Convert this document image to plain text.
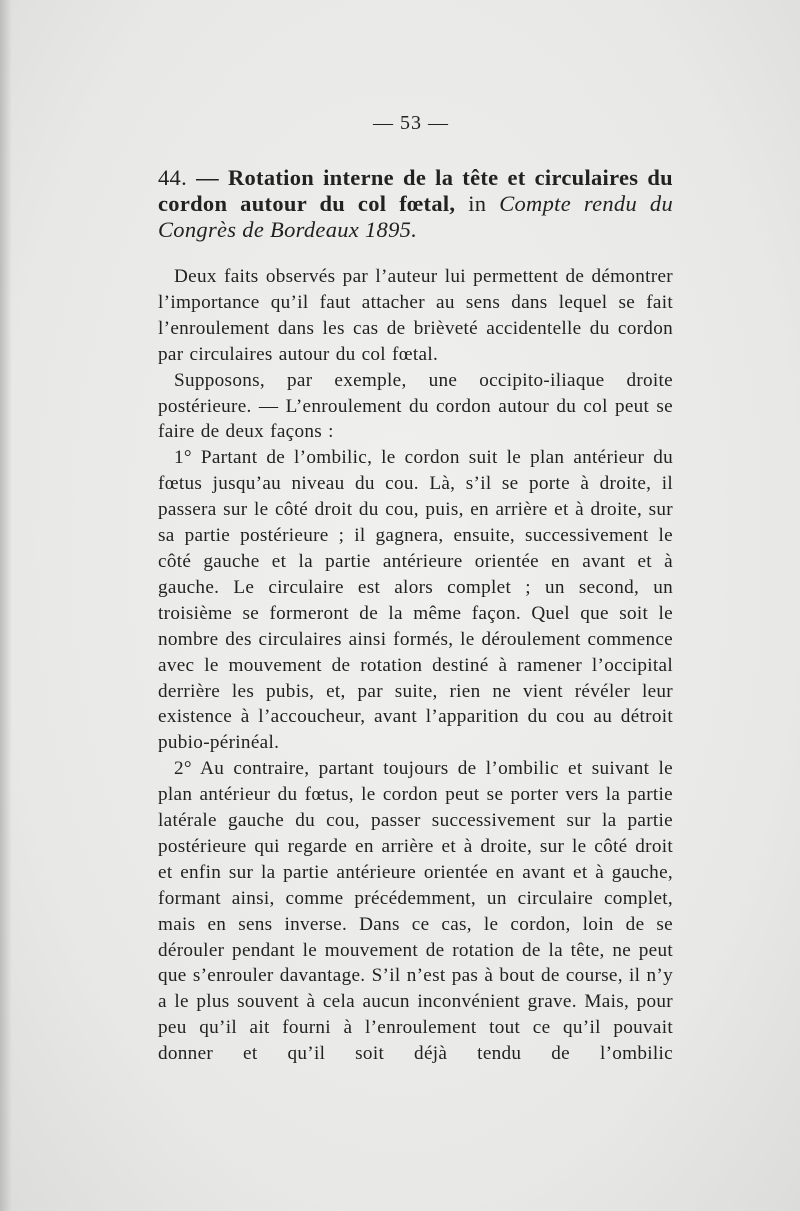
— 53 —

44. — Rotation interne de la tête et circulaires du cordon autour du col fœtal, in Compte rendu du Congrès de Bordeaux 1895.

Deux faits observés par l’auteur lui permettent de démontrer l’importance qu’il faut attacher au sens dans lequel se fait l’enroulement dans les cas de brièveté accidentelle du cordon par circulaires autour du col fœtal.

Supposons, par exemple, une occipito-iliaque droite postérieure. — L’enroulement du cordon autour du col peut se faire de deux façons :

1° Partant de l’ombilic, le cordon suit le plan antérieur du fœtus jusqu’au niveau du cou. Là, s’il se porte à droite, il passera sur le côté droit du cou, puis, en arrière et à droite, sur sa partie postérieure ; il gagnera, ensuite, successivement le côté gauche et la partie antérieure orientée en avant et à gauche. Le circulaire est alors complet ; un second, un troisième se formeront de la même façon. Quel que soit le nombre des circulaires ainsi formés, le déroulement commence avec le mouvement de rotation destiné à ramener l’occipital derrière les pubis, et, par suite, rien ne vient révéler leur existence à l’accoucheur, avant l’apparition du cou au détroit pubio-périnéal.

2° Au contraire, partant toujours de l’ombilic et suivant le plan antérieur du fœtus, le cordon peut se porter vers la partie latérale gauche du cou, passer successivement sur la partie postérieure qui regarde en arrière et à droite, sur le côté droit et enfin sur la partie antérieure orientée en avant et à gauche, formant ainsi, comme précédemment, un circulaire complet, mais en sens inverse. Dans ce cas, le cordon, loin de se dérouler pendant le mouvement de rotation de la tête, ne peut que s’enrouler davantage. S’il n’est pas à bout de course, il n’y a le plus souvent à cela aucun inconvénient grave. Mais, pour peu qu’il ait fourni à l’enroulement tout ce qu’il pouvait donner et qu’il soit déjà tendu de l’ombilic
